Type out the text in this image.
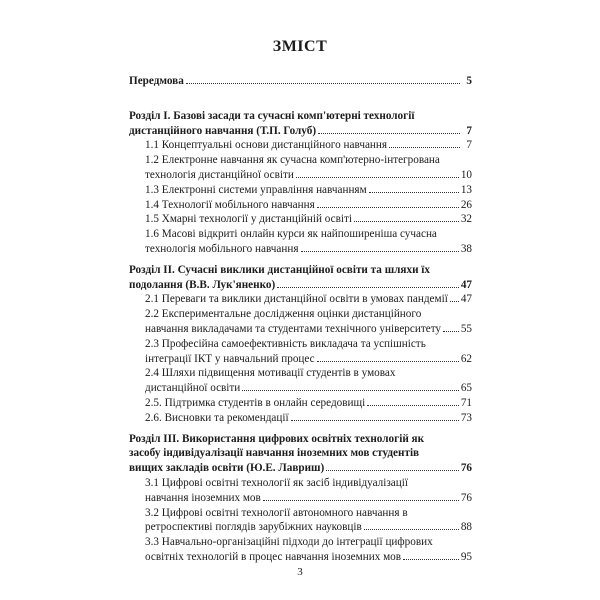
ЗМІСТ
Передмова	5
Розділ І. Базові засади та сучасні комп'ютерні технології
дистанційного навчання (Т.П. Голуб)	7
1.1 Концептуальні основи дистанційного навчання	7
1.2 Електронне навчання як сучасна комп'ютерно-інтегрована
технологія дистанційної освіти	10
1.3 Електронні системи управління навчанням	13
1.4 Технології мобільного навчання	26
1.5 Хмарні технології у дистанційній освіті	32
1.6 Масові відкриті онлайн курси як найпоширеніша сучасна
технологія мобільного навчання	38
Розділ ІІ. Сучасні виклики дистанційної освіти та шляхи їх
подолання (В.В. Лук'яненко)	47
2.1 Переваги та виклики дистанційної освіти в умовах пандемії 47
2.2 Експериментальне дослідження оцінки дистанційного
навчання викладачами та студентами технічного університету 55
2.3 Професійна самоефективність викладача та успішність
інтеграції ІКТ у навчальний процес	62
2.4 Шляхи підвищення мотивації студентів в умовах
дистанційної освіти	65
2.5. Підтримка студентів в онлайн середовищі	71
2.6. Висновки та рекомендації	73
Розділ ІІІ. Використання цифрових освітніх технологій як
засобу індивідуалізації навчання іноземних мов студентів
вищих закладів освіти (Ю.Е. Лавриш)	76
3.1 Цифрові освітні технології як засіб індивідуалізації
навчання іноземних мов	76
3.2 Цифрові освітні технології автономного навчання в
ретроспективі поглядів зарубіжних науковців	88
3.3 Навчально-організаційні підходи до інтеграції цифрових
освітніх технологій в процес навчання іноземних мов	95
3
